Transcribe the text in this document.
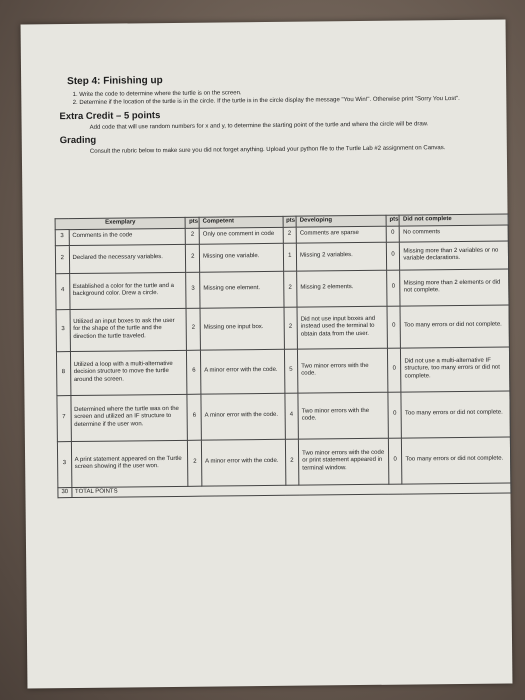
Step 4: Finishing up
1. Write the code to determine where the turtle is on the screen.
2. Determine if the location of the turtle is in the circle. If the turtle is in the circle display the message "You Win!". Otherwise print "Sorry You Lost".
Extra Credit – 5 points

Add code that will use random numbers for x and y, to determine the starting point of the turtle and where the circle will be draw.

Grading

Consult the rubric below to make sure you did not forget anything. Upload your python file to the Turtle Lab #2 assignment on Canvas.

Exemplary		pts	Competent	pts	Developing	pts	Did not complete
3	Comments in the code	2	Only one comment in code	2	Comments are sparse	0	No comments
2	Declared the necessary variables.	2	Missing one variable.	1	Missing 2 variables.	0	Missing more than 2 variables or no variable declarations.
4	Established a color for the turtle and a background color. Drew a circle.	3	Missing one element.	2	Missing 2 elements.	0	Missing more than 2 elements or did not complete.
3	Utilized an input boxes to ask the user for the shape of the turtle and the direction the turtle traveled.	2	Missing one input box.	2	Did not use input boxes and instead used the terminal to obtain data from the user.	0	Too many errors or did not complete.
8	Utilized a loop with a multi-alternative decision structure to move the turtle around the screen.	6	A minor error with the code.	5	Two minor errors with the code.	0	Did not use a multi-alternative IF structure, too many errors or did not complete.
7	Determined where the turtle was on the screen and utilized an IF structure to determine if the user won.	6	A minor error with the code.	4	Two minor errors with the code.	0	Too many errors or did not complete.
3	A print statement appeared on the Turtle screen showing if the user won.	2	A minor error with the code.	2	Two minor errors with the code or print statement appeared in terminal window.	0	Too many errors or did not complete.
30	TOTAL POINTS						
